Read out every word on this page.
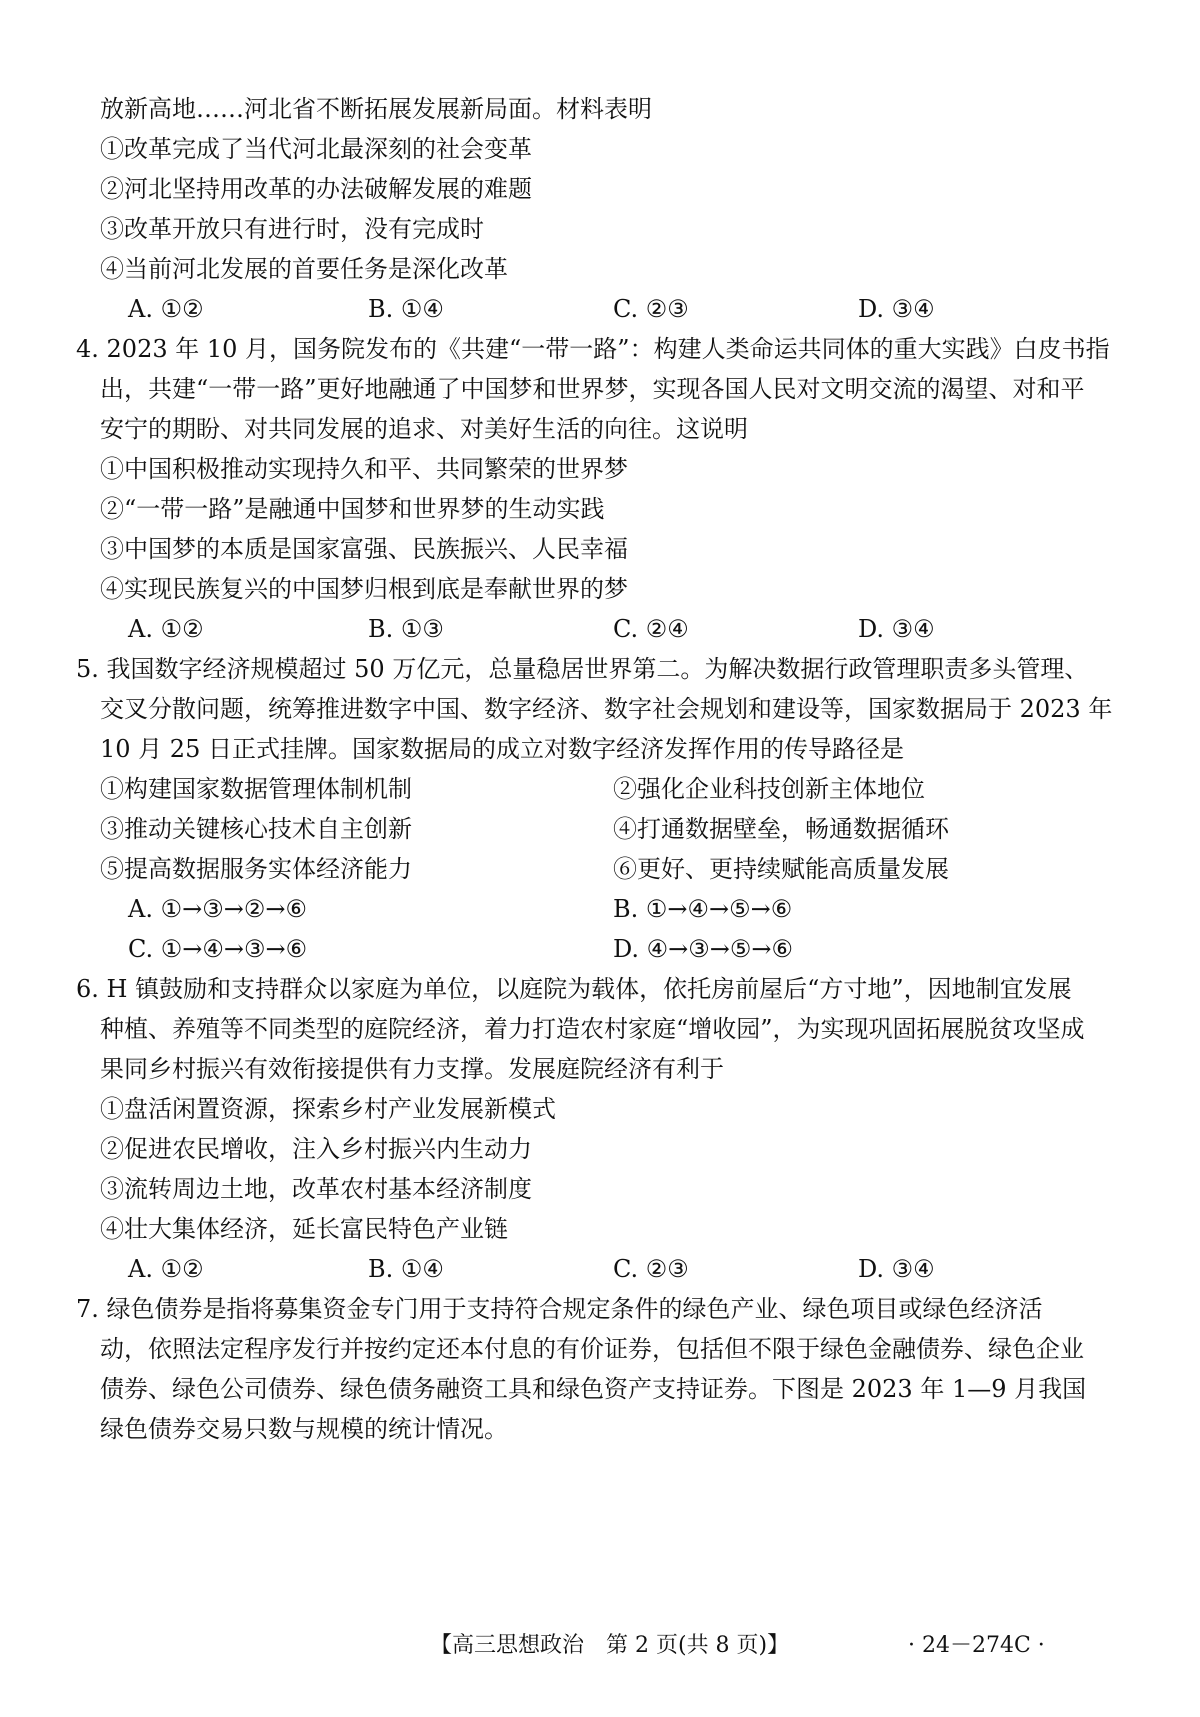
放新高地……河北省不断拓展发展新局面。材料表明
①改革完成了当代河北最深刻的社会变革
②河北坚持用改革的办法破解发展的难题
③改革开放只有进行时，没有完成时
④当前河北发展的首要任务是深化改革
A. ①②	B. ①④	C. ②③	D. ③④
4. 2023 年 10 月，国务院发布的《共建“一带一路”：构建人类命运共同体的重大实践》白皮书指
出，共建“一带一路”更好地融通了中国梦和世界梦，实现各国人民对文明交流的渴望、对和平
安宁的期盼、对共同发展的追求、对美好生活的向往。这说明
①中国积极推动实现持久和平、共同繁荣的世界梦
②“一带一路”是融通中国梦和世界梦的生动实践
③中国梦的本质是国家富强、民族振兴、人民幸福
④实现民族复兴的中国梦归根到底是奉献世界的梦
A. ①②	B. ①③	C. ②④	D. ③④
5. 我国数字经济规模超过 50 万亿元，总量稳居世界第二。为解决数据行政管理职责多头管理、
交叉分散问题，统筹推进数字中国、数字经济、数字社会规划和建设等，国家数据局于 2023 年
10 月 25 日正式挂牌。国家数据局的成立对数字经济发挥作用的传导路径是
①构建国家数据管理体制机制	②强化企业科技创新主体地位
③推动关键核心技术自主创新	④打通数据壁垒，畅通数据循环
⑤提高数据服务实体经济能力	⑥更好、更持续赋能高质量发展
A. ①→③→②→⑥	B. ①→④→⑤→⑥
C. ①→④→③→⑥	D. ④→③→⑤→⑥
6. H 镇鼓励和支持群众以家庭为单位，以庭院为载体，依托房前屋后“方寸地”，因地制宜发展
种植、养殖等不同类型的庭院经济，着力打造农村家庭“增收园”，为实现巩固拓展脱贫攻坚成
果同乡村振兴有效衔接提供有力支撑。发展庭院经济有利于
①盘活闲置资源，探索乡村产业发展新模式
②促进农民增收，注入乡村振兴内生动力
③流转周边土地，改革农村基本经济制度
④壮大集体经济，延长富民特色产业链
A. ①②	B. ①④	C. ②③	D. ③④
7. 绿色债券是指将募集资金专门用于支持符合规定条件的绿色产业、绿色项目或绿色经济活
动，依照法定程序发行并按约定还本付息的有价证券，包括但不限于绿色金融债券、绿色企业
债券、绿色公司债券、绿色债务融资工具和绿色资产支持证券。下图是 2023 年 1—9 月我国
绿色债券交易只数与规模的统计情况。
【高三思想政治　第 2 页(共 8 页)】	· 24－274C ·
